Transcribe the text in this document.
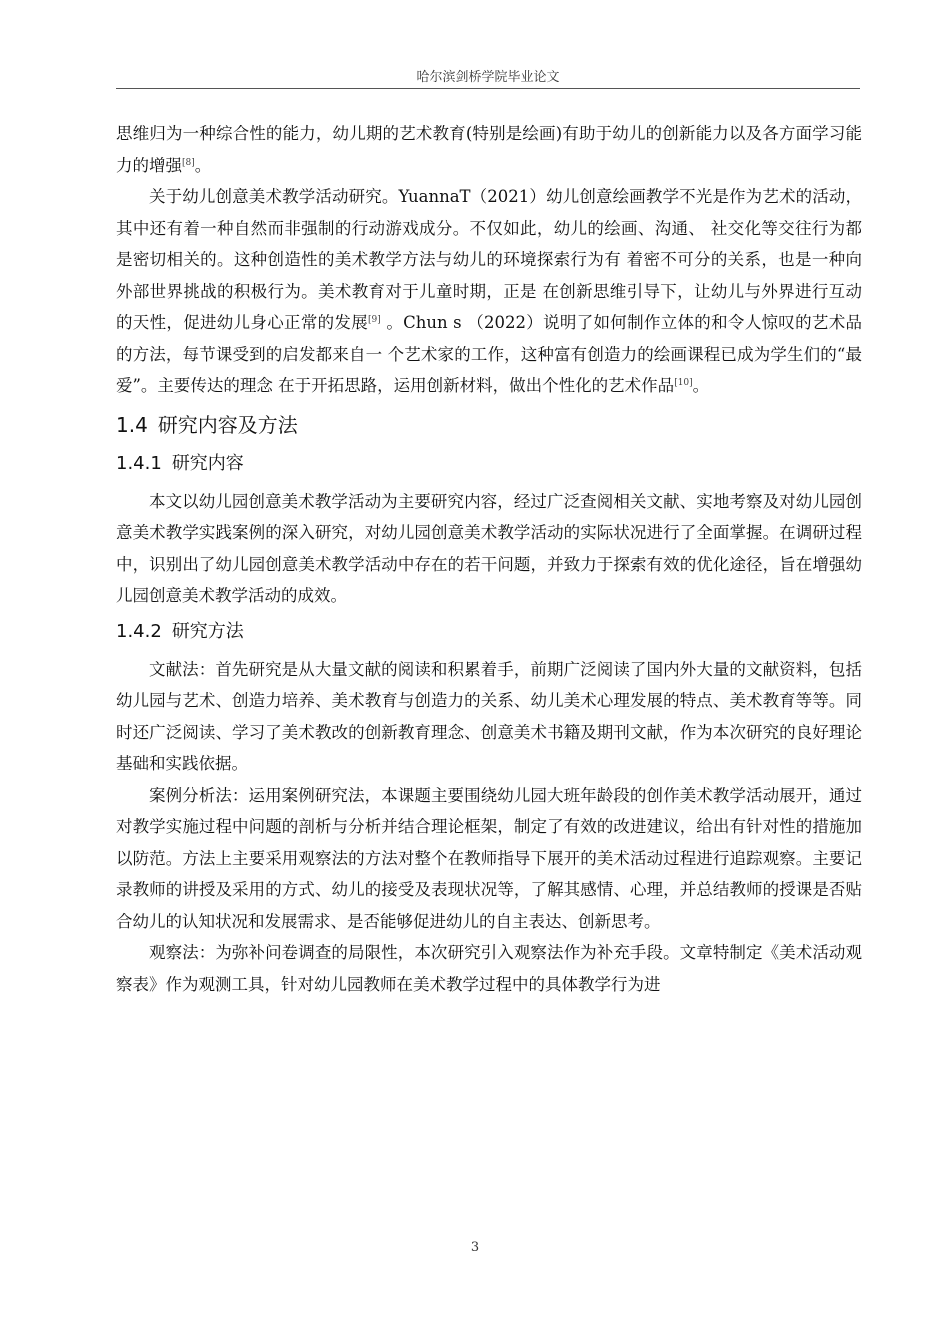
哈尔滨剑桥学院毕业论文

思维归为一种综合性的能力，幼儿期的艺术教育(特别是绘画)有助于幼儿的创新能力以及各方面学习能力的增强[8]。

关于幼儿创意美术教学活动研究。YuannaT（2021）幼儿创意绘画教学不光是作为艺术的活动，其中还有着一种自然而非强制的行动游戏成分。不仅如此，幼儿的绘画、沟通、 社交化等交往行为都是密切相关的。这种创造性的美术教学方法与幼儿的环境探索行为有 着密不可分的关系，也是一种向外部世界挑战的积极行为。美术教育对于儿童时期，正是 在创新思维引导下，让幼儿与外界进行互动的天性，促进幼儿身心正常的发展[9] 。Chun s （2022）说明了如何制作立体的和令人惊叹的艺术品的方法，每节课受到的启发都来自一 个艺术家的工作，这种富有创造力的绘画课程已成为学生们的“最爱”。主要传达的理念 在于开拓思路，运用创新材料，做出个性化的艺术作品[10]。

1.4 研究内容及方法
1.4.1 研究内容

本文以幼儿园创意美术教学活动为主要研究内容，经过广泛查阅相关文献、实地考察及对幼儿园创意美术教学实践案例的深入研究，对幼儿园创意美术教学活动的实际状况进行了全面掌握。在调研过程中，识别出了幼儿园创意美术教学活动中存在的若干问题，并致力于探索有效的优化途径，旨在增强幼儿园创意美术教学活动的成效。

1.4.2 研究方法

文献法：首先研究是从大量文献的阅读和积累着手，前期广泛阅读了国内外大量的文献资料，包括幼儿园与艺术、创造力培养、美术教育与创造力的关系、幼儿美术心理发展的特点、美术教育等等。同时还广泛阅读、学习了美术教改的创新教育理念、创意美术书籍及期刊文献，作为本次研究的良好理论基础和实践依据。

案例分析法：运用案例研究法，本课题主要围绕幼儿园大班年龄段的创作美术教学活动展开，通过对教学实施过程中问题的剖析与分析并结合理论框架，制定了有效的改进建议，给出有针对性的措施加以防范。方法上主要采用观察法的方法对整个在教师指导下展开的美术活动过程进行追踪观察。主要记录教师的讲授及采用的方式、幼儿的接受及表现状况等，了解其感情、心理，并总结教师的授课是否贴合幼儿的认知状况和发展需求、是否能够促进幼儿的自主表达、创新思考。

观察法：为弥补问卷调查的局限性，本次研究引入观察法作为补充手段。文章特制定《美术活动观察表》作为观测工具，针对幼儿园教师在美术教学过程中的具体教学行为进

3
